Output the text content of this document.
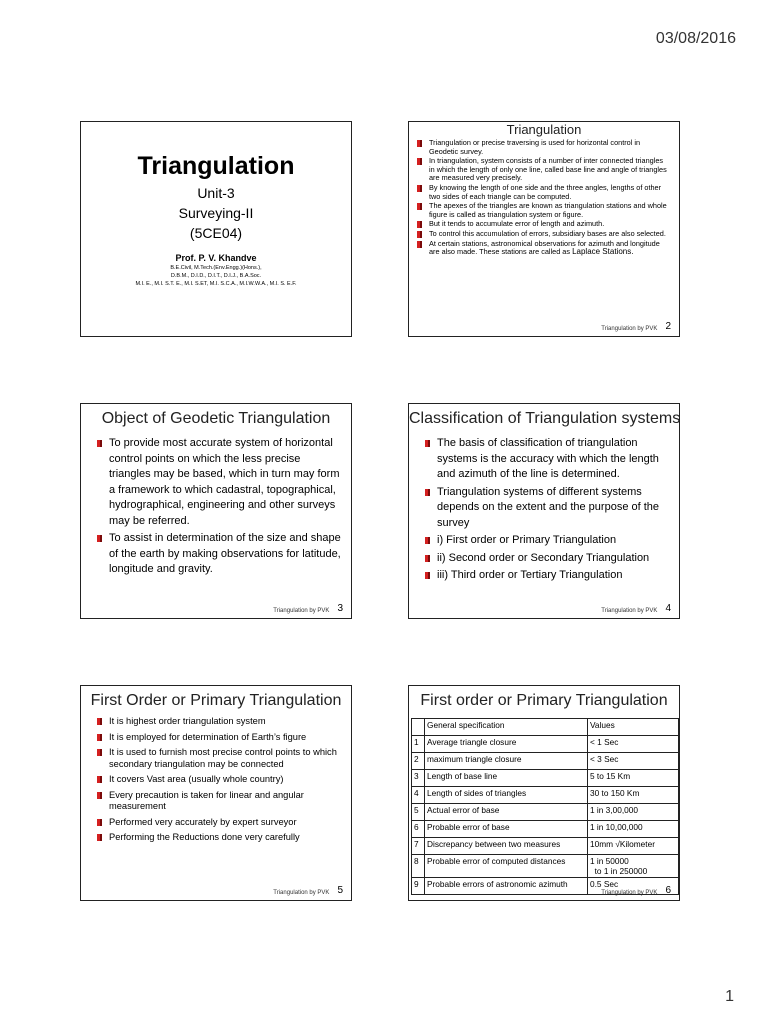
03/08/2016
Triangulation
Unit-3
Surveying-II
(5CE04)
Prof. P. V. Khandve
B.E.Civil, M.Tech.(Env.Engg.)(Hons.),
D.B.M., D.I.D., D.I.T., D.I.J., B.A.Soc.
M.I. E., M.I. S.T. E., M.I. S.ET, M.I. S.C.A., M.I.W.W.A., M.I. S. E.F.
Triangulation
Triangulation or precise traversing is used for horizontal control in Geodetic survey.
In triangulation, system consists of a number of inter connected triangles in which the length of only one line, called base line and angle of triangles are measured very precisely.
By knowing the length of one side and the three angles, lengths of other two sides of each triangle can be computed.
The apexes of the triangles are known as triangulation stations and whole figure is called as triangulation system or figure.
But it tends to accumulate error of length and azimuth.
To control this accumulation of errors, subsidiary bases are also selected.
At certain stations, astronomical observations for azimuth and longitude are also made. These stations are called as Laplace Stations.
Triangulation by PVK 2
Object of Geodetic Triangulation
To provide most accurate system of horizontal control points on which the less precise triangles may be based, which in turn may form a framework to which cadastral, topographical, hydrographical, engineering and other surveys may be referred.
To assist in determination of the size and shape of the earth by making observations for latitude, longitude and gravity.
Triangulation by PVK 3
Classification of Triangulation systems
The basis of classification of triangulation systems is the accuracy with which the length and azimuth of the line is determined.
Triangulation systems of different systems depends on the extent and the purpose of the survey
i) First order or Primary Triangulation
ii) Second order or Secondary Triangulation
iii) Third order or Tertiary Triangulation
Triangulation by PVK 4
First Order or Primary Triangulation
It is highest order triangulation system
It is employed for determination of Earth’s figure
It is used to furnish most precise control points to which secondary triangulation may be connected
It covers Vast area (usually whole country)
Every precaution is taken for linear and angular measurement
Performed very accurately by expert surveyor
Performing the Reductions done very carefully
Triangulation by PVK 5
First order or Primary Triangulation
	General specification	Values
1	Average triangle closure	< 1 Sec
2	maximum triangle closure	< 3 Sec
3	Length of base line	5 to 15 Km
4	Length of sides of triangles	30 to 150 Km
5	Actual error of base	1 in 3,00,000
6	Probable error of base	1 in 10,00,000
7	Discrepancy between two measures	10mm √Kilometer
8	Probable error of computed distances	1 in 50000
to 1 in 250000
9	Probable errors of astronomic azimuth	0.5 Sec
Triangulation by PVK 6
1
